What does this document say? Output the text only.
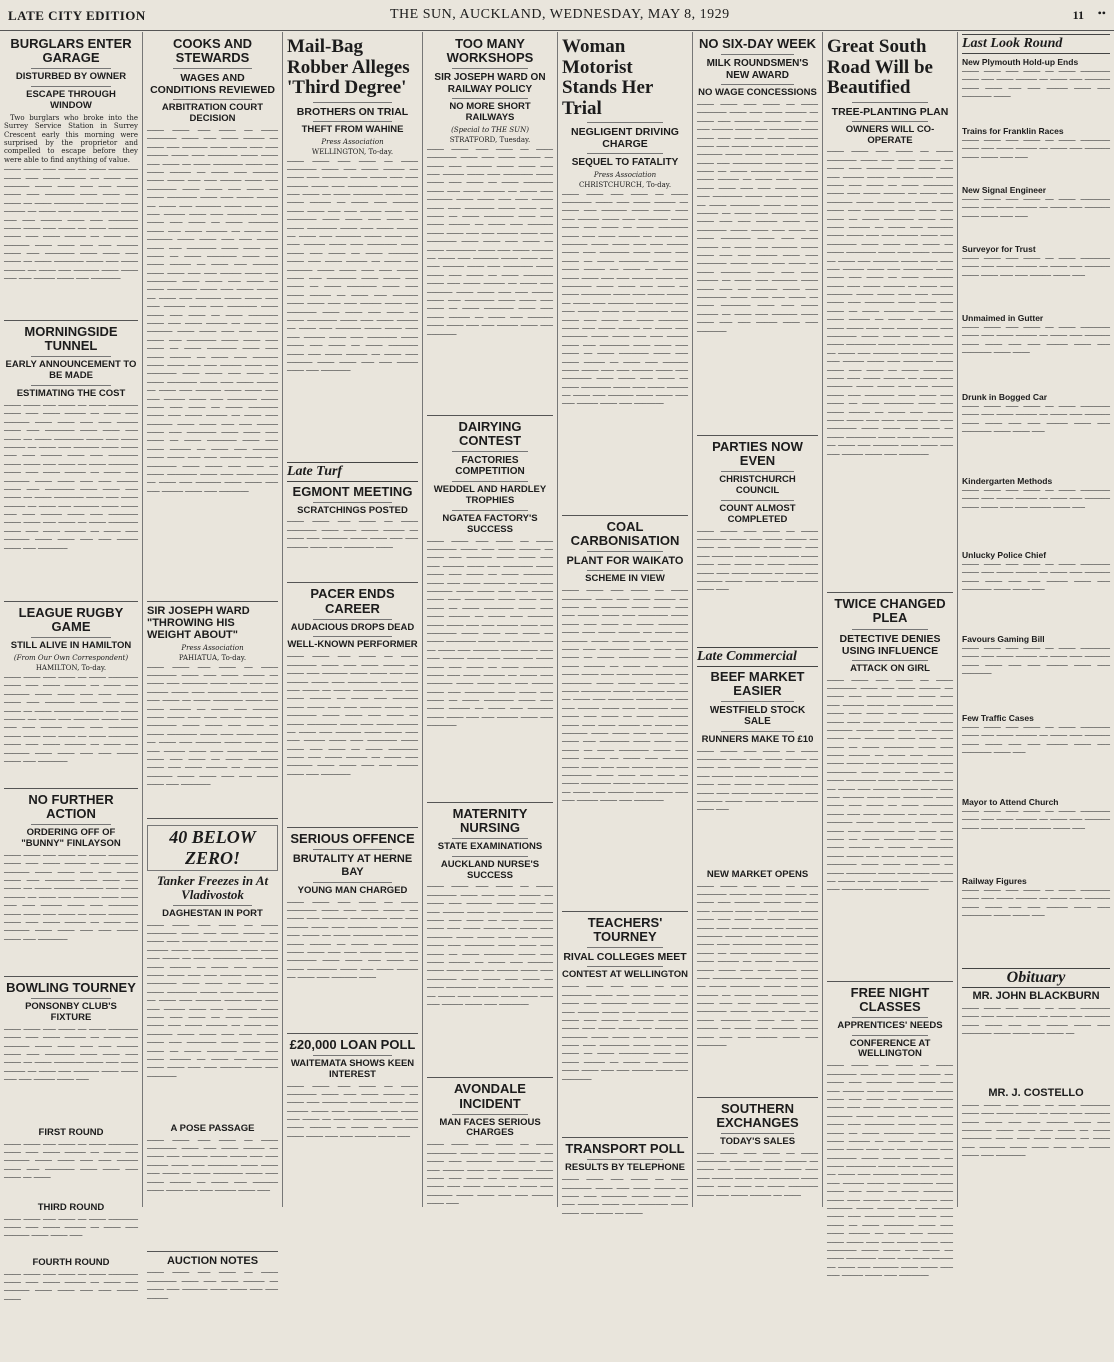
LATE CITY EDITION	THE SUN, AUCKLAND, WEDNESDAY, MAY 8, 1929	11 ••
BURGLARS ENTER GARAGE
DISTURBED BY OWNER
ESCAPE THROUGH WINDOW
Two burglars who broke into the Surrey Service Station in Surrey Crescent early this morning were surprised by the proprietor and compelled to escape before they were able to find anything of value.
──── ──── ─── ──── ── ──── ─────── ──── ─── ──── ───── ── ──── ─── ────── ──── ──── ─── ─── ───── ──── ─── ─────── ──── ──── ─── ──── ── ──── ─────── ──── ─── ──── ───── ── ──── ─── ────── ──── ──── ─── ─── ───── ──── ─── ─────── ──── ──── ─── ──── ── ──── ─────── ──── ─── ──── ───── ── ──── ─── ────── ──── ──── ─── ─── ───── ──── ─── ─────── ──── ──── ─── ──── ── ──── ─────── ──── ─── ──── ───── ── ──── ─── ────── ──── ──── ─── ─── ───── ──── ─── ───────
MORNINGSIDE TUNNEL
EARLY ANNOUNCEMENT TO BE MADE
ESTIMATING THE COST
──── ──── ─── ──── ── ──── ─────── ──── ─── ──── ───── ── ──── ─── ────── ──── ──── ─── ─── ───── ──── ─── ─────── ──── ──── ─── ──── ── ──── ─────── ──── ─── ──── ───── ── ──── ─── ────── ──── ──── ─── ─── ───── ──── ─── ─────── ──── ──── ─── ──── ── ──── ─────── ──── ─── ──── ───── ── ──── ─── ────── ──── ──── ─── ─── ───── ──── ─── ─────── ──── ──── ─── ──── ── ──── ─────── ──── ─── ──── ───── ── ──── ─── ────── ──── ──── ─── ─── ───── ──── ─── ─────── ──── ──── ─── ──── ── ──── ─────── ──── ─── ──── ───── ── ──── ─── ────── ──── ──── ─── ─── ───── ──── ─── ───────
LEAGUE RUGBY GAME
STILL ALIVE IN HAMILTON
(From Our Own Correspondent)
HAMILTON, To-day.
──── ──── ─── ──── ── ──── ─────── ──── ─── ──── ───── ── ──── ─── ────── ──── ──── ─── ─── ───── ──── ─── ─────── ──── ──── ─── ──── ── ──── ─────── ──── ─── ──── ───── ── ──── ─── ────── ──── ──── ─── ─── ───── ──── ─── ─────── ──── ──── ─── ──── ── ──── ─────── ──── ─── ──── ───── ── ──── ─── ────── ──── ──── ─── ─── ───── ──── ─── ───────
NO FURTHER ACTION
ORDERING OFF OF "BUNNY" FINLAYSON
──── ──── ─── ──── ── ──── ─────── ──── ─── ──── ───── ── ──── ─── ────── ──── ──── ─── ─── ───── ──── ─── ─────── ──── ──── ─── ──── ── ──── ─────── ──── ─── ──── ───── ── ──── ─── ────── ──── ──── ─── ─── ───── ──── ─── ─────── ──── ──── ─── ──── ── ──── ─────── ──── ─── ──── ───── ── ──── ─── ────── ──── ──── ─── ─── ───── ──── ─── ───────
BOWLING TOURNEY
PONSONBY CLUB'S FIXTURE
──── ──── ─── ──── ── ──── ─────── ──── ─── ──── ───── ── ──── ─── ────── ──── ──── ─── ─── ───── ──── ─── ─────── ──── ──── ─── ──── ── ──── ─────── ──── ─── ──── ───── ── ──── ─── ────── ──── ──── ─── ─── ───── ──── ───
FIRST ROUND
──── ──── ─── ──── ── ──── ─────── ──── ─── ──── ───── ── ──── ─── ────── ──── ──── ─── ─── ───── ──── ─── ─────── ──── ──── ─── ──── ── ────
THIRD ROUND
──── ──── ─── ──── ── ──── ─────── ──── ─── ──── ───── ── ──── ─── ────── ──── ──── ───
FOURTH ROUND
──── ──── ─── ──── ── ──── ─────── ──── ─── ──── ───── ── ──── ─── ────── ──── ──── ─── ─── ───── ────
COOKS AND STEWARDS
WAGES AND CONDITIONS REVIEWED
ARBITRATION COURT DECISION
──── ──── ─── ──── ── ──── ─────── ──── ─── ──── ───── ── ──── ─── ────── ──── ──── ─── ─── ───── ──── ─── ─────── ──── ──── ─── ──── ── ──── ─────── ──── ─── ──── ───── ── ──── ─── ────── ──── ──── ─── ─── ───── ──── ─── ─────── ──── ──── ─── ──── ── ──── ─────── ──── ─── ──── ───── ── ──── ─── ────── ──── ──── ─── ─── ───── ──── ─── ─────── ──── ──── ─── ──── ── ──── ─────── ──── ─── ──── ───── ── ──── ─── ────── ──── ──── ─── ─── ───── ──── ─── ─────── ──── ──── ─── ──── ── ──── ─────── ──── ─── ──── ───── ── ──── ─── ────── ──── ──── ─── ─── ───── ──── ─── ─────── ──── ──── ─── ──── ── ──── ─────── ──── ─── ──── ───── ── ──── ─── ────── ──── ──── ─── ─── ───── ──── ─── ─────── ──── ──── ─── ──── ── ──── ─────── ──── ─── ──── ───── ── ──── ─── ────── ──── ──── ─── ─── ───── ──── ─── ─────── ──── ──── ─── ──── ── ──── ─────── ──── ─── ──── ───── ── ──── ─── ────── ──── ──── ─── ─── ───── ──── ─── ─────── ──── ──── ─── ──── ── ──── ─────── ──── ─── ──── ───── ── ──── ─── ────── ──── ──── ─── ─── ───── ──── ─── ─────── ──── ──── ─── ──── ── ──── ─────── ──── ─── ──── ───── ── ──── ─── ────── ──── ──── ─── ─── ───── ──── ─── ─────── ──── ──── ─── ──── ── ──── ─────── ──── ─── ──── ───── ── ──── ─── ────── ──── ──── ─── ─── ───── ──── ─── ─────── ──── ──── ─── ──── ── ──── ─────── ──── ─── ──── ───── ── ──── ─── ────── ──── ──── ─── ─── ───── ──── ─── ───────
SIR JOSEPH WARD "THROWING HIS WEIGHT ABOUT"
Press Association
PAHIATUA, To-day.
──── ──── ─── ──── ── ──── ─────── ──── ─── ──── ───── ── ──── ─── ────── ──── ──── ─── ─── ───── ──── ─── ─────── ──── ──── ─── ──── ── ──── ─────── ──── ─── ──── ───── ── ──── ─── ────── ──── ──── ─── ─── ───── ──── ─── ─────── ──── ──── ─── ──── ── ──── ─────── ──── ─── ──── ───── ── ──── ─── ────── ──── ──── ─── ─── ───── ──── ─── ─────── ──── ──── ─── ──── ── ──── ─────── ──── ─── ──── ───── ── ──── ─── ────── ──── ──── ─── ─── ───── ──── ─── ───────
40 BELOW ZERO!
Tanker Freezes in At Vladivostok
DAGHESTAN IN PORT
──── ──── ─── ──── ── ──── ─────── ──── ─── ──── ───── ── ──── ─── ────── ──── ──── ─── ─── ───── ──── ─── ─────── ──── ──── ─── ──── ── ──── ─────── ──── ─── ──── ───── ── ──── ─── ────── ──── ──── ─── ─── ───── ──── ─── ─────── ──── ──── ─── ──── ── ──── ─────── ──── ─── ──── ───── ── ──── ─── ────── ──── ──── ─── ─── ───── ──── ─── ─────── ──── ──── ─── ──── ── ──── ─────── ──── ─── ──── ───── ── ──── ─── ────── ──── ──── ─── ─── ───── ──── ─── ─────── ──── ──── ─── ──── ── ──── ─────── ──── ─── ──── ───── ── ──── ─── ────── ──── ──── ─── ─── ───── ──── ─── ───────
A POSE PASSAGE
──── ──── ─── ──── ── ──── ─────── ──── ─── ──── ───── ── ──── ─── ────── ──── ──── ─── ─── ───── ──── ─── ─────── ──── ──── ─── ──── ── ──── ─────── ──── ─── ──── ───── ── ──── ─── ────── ──── ──── ─── ─── ───── ──── ───
AUCTION NOTES
──── ──── ─── ──── ── ──── ─────── ──── ─── ──── ───── ── ──── ─── ────── ──── ──── ─── ─── ─────
Mail-Bag Robber Alleges 'Third Degree'
BROTHERS ON TRIAL
THEFT FROM WAHINE
Press Association
WELLINGTON, To-day.
──── ──── ─── ──── ── ──── ─────── ──── ─── ──── ───── ── ──── ─── ────── ──── ──── ─── ─── ───── ──── ─── ─────── ──── ──── ─── ──── ── ──── ─────── ──── ─── ──── ───── ── ──── ─── ────── ──── ──── ─── ─── ───── ──── ─── ─────── ──── ──── ─── ──── ── ──── ─────── ──── ─── ──── ───── ── ──── ─── ────── ──── ──── ─── ─── ───── ──── ─── ─────── ──── ──── ─── ──── ── ──── ─────── ──── ─── ──── ───── ── ──── ─── ────── ──── ──── ─── ─── ───── ──── ─── ─────── ──── ──── ─── ──── ── ──── ─────── ──── ─── ──── ───── ── ──── ─── ────── ──── ──── ─── ─── ───── ──── ─── ─────── ──── ──── ─── ──── ── ──── ─────── ──── ─── ──── ───── ── ──── ─── ────── ──── ──── ─── ─── ───── ──── ─── ─────── ──── ──── ─── ──── ── ──── ─────── ──── ─── ──── ───── ── ──── ─── ────── ──── ──── ─── ─── ───── ──── ─── ───────
Late Turf
EGMONT MEETING
SCRATCHINGS POSTED
──── ──── ─── ──── ── ──── ─────── ──── ─── ──── ───── ── ──── ─── ────── ──── ──── ─── ─── ───── ──── ─── ─────── ────
PACER ENDS CAREER
AUDACIOUS DROPS DEAD
WELL-KNOWN PERFORMER
──── ──── ─── ──── ── ──── ─────── ──── ─── ──── ───── ── ──── ─── ────── ──── ──── ─── ─── ───── ──── ─── ─────── ──── ──── ─── ──── ── ──── ─────── ──── ─── ──── ───── ── ──── ─── ────── ──── ──── ─── ─── ───── ──── ─── ─────── ──── ──── ─── ──── ── ──── ─────── ──── ─── ──── ───── ── ──── ─── ────── ──── ──── ─── ─── ───── ──── ─── ─────── ──── ──── ─── ──── ── ──── ─────── ──── ─── ──── ───── ── ──── ─── ────── ──── ──── ─── ─── ───── ──── ─── ───────
SERIOUS OFFENCE
BRUTALITY AT HERNE BAY
YOUNG MAN CHARGED
──── ──── ─── ──── ── ──── ─────── ──── ─── ──── ───── ── ──── ─── ────── ──── ──── ─── ─── ───── ──── ─── ─────── ──── ──── ─── ──── ── ──── ─────── ──── ─── ──── ───── ── ──── ─── ────── ──── ──── ─── ─── ───── ──── ─── ─────── ──── ──── ─── ──── ── ──── ─────── ──── ─── ──── ───── ── ──── ─── ────── ────
£20,000 LOAN POLL
WAITEMATA SHOWS KEEN INTEREST
──── ──── ─── ──── ── ──── ─────── ──── ─── ──── ───── ── ──── ─── ────── ──── ──── ─── ─── ───── ──── ─── ─────── ──── ──── ─── ──── ── ──── ─────── ──── ─── ──── ───── ── ──── ─── ────── ──── ──── ─── ─── ───── ──── ───
TOO MANY WORKSHOPS
SIR JOSEPH WARD ON RAILWAY POLICY
NO MORE SHORT RAILWAYS
(Special to THE SUN)
STRATFORD, Tuesday.
──── ──── ─── ──── ── ──── ─────── ──── ─── ──── ───── ── ──── ─── ────── ──── ──── ─── ─── ───── ──── ─── ─────── ──── ──── ─── ──── ── ──── ─────── ──── ─── ──── ───── ── ──── ─── ────── ──── ──── ─── ─── ───── ──── ─── ─────── ──── ──── ─── ──── ── ──── ─────── ──── ─── ──── ───── ── ──── ─── ────── ──── ──── ─── ─── ───── ──── ─── ─────── ──── ──── ─── ──── ── ──── ─────── ──── ─── ──── ───── ── ──── ─── ────── ──── ──── ─── ─── ───── ──── ─── ─────── ──── ──── ─── ──── ── ──── ─────── ──── ─── ──── ───── ── ──── ─── ────── ──── ──── ─── ─── ───── ──── ─── ─────── ──── ──── ─── ──── ── ──── ─────── ──── ─── ──── ───── ── ──── ─── ────── ──── ──── ─── ─── ───── ──── ─── ───────
DAIRYING CONTEST
FACTORIES COMPETITION
WEDDEL AND HARDLEY TROPHIES
NGATEA FACTORY'S SUCCESS
──── ──── ─── ──── ── ──── ─────── ──── ─── ──── ───── ── ──── ─── ────── ──── ──── ─── ─── ───── ──── ─── ─────── ──── ──── ─── ──── ── ──── ─────── ──── ─── ──── ───── ── ──── ─── ────── ──── ──── ─── ─── ───── ──── ─── ─────── ──── ──── ─── ──── ── ──── ─────── ──── ─── ──── ───── ── ──── ─── ────── ──── ──── ─── ─── ───── ──── ─── ─────── ──── ──── ─── ──── ── ──── ─────── ──── ─── ──── ───── ── ──── ─── ────── ──── ──── ─── ─── ───── ──── ─── ─────── ──── ──── ─── ──── ── ──── ─────── ──── ─── ──── ───── ── ──── ─── ────── ──── ──── ─── ─── ───── ──── ─── ─────── ──── ──── ─── ──── ── ──── ─────── ──── ─── ──── ───── ── ──── ─── ────── ──── ──── ─── ─── ───── ──── ─── ───────
MATERNITY NURSING
STATE EXAMINATIONS
AUCKLAND NURSE'S SUCCESS
──── ──── ─── ──── ── ──── ─────── ──── ─── ──── ───── ── ──── ─── ────── ──── ──── ─── ─── ───── ──── ─── ─────── ──── ──── ─── ──── ── ──── ─────── ──── ─── ──── ───── ── ──── ─── ────── ──── ──── ─── ─── ───── ──── ─── ─────── ──── ──── ─── ──── ── ──── ─────── ──── ─── ──── ───── ── ──── ─── ────── ──── ──── ─── ─── ───── ──── ─── ─────── ──── ──── ─── ──── ── ──── ─────── ──── ─── ──── ───── ── ──── ─── ────── ──── ──── ─── ─── ───── ──── ─── ───────
AVONDALE INCIDENT
MAN FACES SERIOUS CHARGES
──── ──── ─── ──── ── ──── ─────── ──── ─── ──── ───── ── ──── ─── ────── ──── ──── ─── ─── ───── ──── ─── ─────── ──── ──── ─── ──── ── ──── ─────── ──── ─── ──── ───── ── ──── ─── ────── ──── ──── ─── ─── ───── ──── ───
Woman Motorist Stands Her Trial
NEGLIGENT DRIVING CHARGE
SEQUEL TO FATALITY
Press Association
CHRISTCHURCH, To-day.
──── ──── ─── ──── ── ──── ─────── ──── ─── ──── ───── ── ──── ─── ────── ──── ──── ─── ─── ───── ──── ─── ─────── ──── ──── ─── ──── ── ──── ─────── ──── ─── ──── ───── ── ──── ─── ────── ──── ──── ─── ─── ───── ──── ─── ─────── ──── ──── ─── ──── ── ──── ─────── ──── ─── ──── ───── ── ──── ─── ────── ──── ──── ─── ─── ───── ──── ─── ─────── ──── ──── ─── ──── ── ──── ─────── ──── ─── ──── ───── ── ──── ─── ────── ──── ──── ─── ─── ───── ──── ─── ─────── ──── ──── ─── ──── ── ──── ─────── ──── ─── ──── ───── ── ──── ─── ────── ──── ──── ─── ─── ───── ──── ─── ─────── ──── ──── ─── ──── ── ──── ─────── ──── ─── ──── ───── ── ──── ─── ────── ──── ──── ─── ─── ───── ──── ─── ─────── ──── ──── ─── ──── ── ──── ─────── ──── ─── ──── ───── ── ──── ─── ────── ──── ──── ─── ─── ───── ──── ─── ───────
COAL CARBONISATION
PLANT FOR WAIKATO
SCHEME IN VIEW
──── ──── ─── ──── ── ──── ─────── ──── ─── ──── ───── ── ──── ─── ────── ──── ──── ─── ─── ───── ──── ─── ─────── ──── ──── ─── ──── ── ──── ─────── ──── ─── ──── ───── ── ──── ─── ────── ──── ──── ─── ─── ───── ──── ─── ─────── ──── ──── ─── ──── ── ──── ─────── ──── ─── ──── ───── ── ──── ─── ────── ──── ──── ─── ─── ───── ──── ─── ─────── ──── ──── ─── ──── ── ──── ─────── ──── ─── ──── ───── ── ──── ─── ────── ──── ──── ─── ─── ───── ──── ─── ─────── ──── ──── ─── ──── ── ──── ─────── ──── ─── ──── ───── ── ──── ─── ────── ──── ──── ─── ─── ───── ──── ─── ─────── ──── ──── ─── ──── ── ──── ─────── ──── ─── ──── ───── ── ──── ─── ────── ──── ──── ─── ─── ───── ──── ─── ─────── ──── ──── ─── ──── ── ──── ─────── ──── ─── ──── ───── ── ──── ─── ────── ──── ──── ─── ─── ───── ──── ─── ───────
TEACHERS' TOURNEY
RIVAL COLLEGES MEET
CONTEST AT WELLINGTON
──── ──── ─── ──── ── ──── ─────── ──── ─── ──── ───── ── ──── ─── ────── ──── ──── ─── ─── ───── ──── ─── ─────── ──── ──── ─── ──── ── ──── ─────── ──── ─── ──── ───── ── ──── ─── ────── ──── ──── ─── ─── ───── ──── ─── ─────── ──── ──── ─── ──── ── ──── ─────── ──── ─── ──── ───── ── ──── ─── ────── ──── ──── ─── ─── ───── ──── ─── ───────
TRANSPORT POLL
RESULTS BY TELEPHONE
──── ──── ─── ──── ── ──── ─────── ──── ─── ──── ───── ── ──── ─── ────── ──── ──── ─── ─── ───── ──── ─── ─────── ──── ──── ─── ──── ── ────
NO SIX-DAY WEEK
MILK ROUNDSMEN'S NEW AWARD
NO WAGE CONCESSIONS
──── ──── ─── ──── ── ──── ─────── ──── ─── ──── ───── ── ──── ─── ────── ──── ──── ─── ─── ───── ──── ─── ─────── ──── ──── ─── ──── ── ──── ─────── ──── ─── ──── ───── ── ──── ─── ────── ──── ──── ─── ─── ───── ──── ─── ─────── ──── ──── ─── ──── ── ──── ─────── ──── ─── ──── ───── ── ──── ─── ────── ──── ──── ─── ─── ───── ──── ─── ─────── ──── ──── ─── ──── ── ──── ─────── ──── ─── ──── ───── ── ──── ─── ────── ──── ──── ─── ─── ───── ──── ─── ─────── ──── ──── ─── ──── ── ──── ─────── ──── ─── ──── ───── ── ──── ─── ────── ──── ──── ─── ─── ───── ──── ─── ─────── ──── ──── ─── ──── ── ──── ─────── ──── ─── ──── ───── ── ──── ─── ────── ──── ──── ─── ─── ───── ──── ─── ─────── ──── ──── ─── ──── ── ──── ─────── ──── ─── ──── ───── ── ──── ─── ────── ──── ──── ─── ─── ───── ──── ─── ───────
PARTIES NOW EVEN
CHRISTCHURCH COUNCIL
COUNT ALMOST COMPLETED
──── ──── ─── ──── ── ──── ─────── ──── ─── ──── ───── ── ──── ─── ────── ──── ──── ─── ─── ───── ──── ─── ─────── ──── ──── ─── ──── ── ──── ─────── ──── ─── ──── ───── ── ──── ─── ────── ──── ──── ─── ─── ───── ──── ───
Late Commercial
BEEF MARKET EASIER
WESTFIELD STOCK SALE
RUNNERS MAKE TO £10
──── ──── ─── ──── ── ──── ─────── ──── ─── ──── ───── ── ──── ─── ────── ──── ──── ─── ─── ───── ──── ─── ─────── ──── ──── ─── ──── ── ──── ─────── ──── ─── ──── ───── ── ──── ─── ────── ──── ──── ─── ─── ───── ──── ───
NEW MARKET OPENS
──── ──── ─── ──── ── ──── ─────── ──── ─── ──── ───── ── ──── ─── ────── ──── ──── ─── ─── ───── ──── ─── ─────── ──── ──── ─── ──── ── ──── ─────── ──── ─── ──── ───── ── ──── ─── ────── ──── ──── ─── ─── ───── ──── ─── ─────── ──── ──── ─── ──── ── ──── ─────── ──── ─── ──── ───── ── ──── ─── ────── ──── ──── ─── ─── ───── ──── ─── ─────── ──── ──── ─── ──── ── ──── ─────── ──── ─── ──── ───── ── ──── ─── ────── ──── ──── ─── ─── ───── ──── ─── ─────── ──── ──── ─── ──── ── ──── ─────── ──── ─── ──── ───── ── ──── ─── ────── ──── ──── ─── ─── ───── ──── ─── ───────
SOUTHERN EXCHANGES
TODAY'S SALES
──── ──── ─── ──── ── ──── ─────── ──── ─── ──── ───── ── ──── ─── ────── ──── ──── ─── ─── ───── ──── ─── ─────── ──── ──── ─── ──── ── ──── ─────── ──── ─── ──── ───── ── ────
Great South Road Will be Beautified
TREE-PLANTING PLAN
OWNERS WILL CO-OPERATE
──── ──── ─── ──── ── ──── ─────── ──── ─── ──── ───── ── ──── ─── ────── ──── ──── ─── ─── ───── ──── ─── ─────── ──── ──── ─── ──── ── ──── ─────── ──── ─── ──── ───── ── ──── ─── ────── ──── ──── ─── ─── ───── ──── ─── ─────── ──── ──── ─── ──── ── ──── ─────── ──── ─── ──── ───── ── ──── ─── ────── ──── ──── ─── ─── ───── ──── ─── ─────── ──── ──── ─── ──── ── ──── ─────── ──── ─── ──── ───── ── ──── ─── ────── ──── ──── ─── ─── ───── ──── ─── ─────── ──── ──── ─── ──── ── ──── ─────── ──── ─── ──── ───── ── ──── ─── ────── ──── ──── ─── ─── ───── ──── ─── ─────── ──── ──── ─── ──── ── ──── ─────── ──── ─── ──── ───── ── ──── ─── ────── ──── ──── ─── ─── ───── ──── ─── ─────── ──── ──── ─── ──── ── ──── ─────── ──── ─── ──── ───── ── ──── ─── ────── ──── ──── ─── ─── ───── ──── ─── ─────── ──── ──── ─── ──── ── ──── ─────── ──── ─── ──── ───── ── ──── ─── ────── ──── ──── ─── ─── ───── ──── ─── ─────── ──── ──── ─── ──── ── ──── ─────── ──── ─── ──── ───── ── ──── ─── ────── ──── ──── ─── ─── ───── ──── ─── ─────── ──── ──── ─── ──── ── ──── ─────── ──── ─── ──── ───── ── ──── ─── ────── ──── ──── ─── ─── ───── ──── ─── ───────
TWICE CHANGED PLEA
DETECTIVE DENIES USING INFLUENCE
ATTACK ON GIRL
──── ──── ─── ──── ── ──── ─────── ──── ─── ──── ───── ── ──── ─── ────── ──── ──── ─── ─── ───── ──── ─── ─────── ──── ──── ─── ──── ── ──── ─────── ──── ─── ──── ───── ── ──── ─── ────── ──── ──── ─── ─── ───── ──── ─── ─────── ──── ──── ─── ──── ── ──── ─────── ──── ─── ──── ───── ── ──── ─── ────── ──── ──── ─── ─── ───── ──── ─── ─────── ──── ──── ─── ──── ── ──── ─────── ──── ─── ──── ───── ── ──── ─── ────── ──── ──── ─── ─── ───── ──── ─── ─────── ──── ──── ─── ──── ── ──── ─────── ──── ─── ──── ───── ── ──── ─── ────── ──── ──── ─── ─── ───── ──── ─── ─────── ──── ──── ─── ──── ── ──── ─────── ──── ─── ──── ───── ── ──── ─── ────── ──── ──── ─── ─── ───── ──── ─── ─────── ──── ──── ─── ──── ── ──── ─────── ──── ─── ──── ───── ── ──── ─── ────── ──── ──── ─── ─── ───── ──── ─── ───────
FREE NIGHT CLASSES
APPRENTICES' NEEDS
CONFERENCE AT WELLINGTON
──── ──── ─── ──── ── ──── ─────── ──── ─── ──── ───── ── ──── ─── ────── ──── ──── ─── ─── ───── ──── ─── ─────── ──── ──── ─── ──── ── ──── ─────── ──── ─── ──── ───── ── ──── ─── ────── ──── ──── ─── ─── ───── ──── ─── ─────── ──── ──── ─── ──── ── ──── ─────── ──── ─── ──── ───── ── ──── ─── ────── ──── ──── ─── ─── ───── ──── ─── ─────── ──── ──── ─── ──── ── ──── ─────── ──── ─── ──── ───── ── ──── ─── ────── ──── ──── ─── ─── ───── ──── ─── ─────── ──── ──── ─── ──── ── ──── ─────── ──── ─── ──── ───── ── ──── ─── ────── ──── ──── ─── ─── ───── ──── ─── ─────── ──── ──── ─── ──── ── ──── ─────── ──── ─── ──── ───── ── ──── ─── ────── ──── ──── ─── ─── ───── ──── ─── ─────── ──── ──── ─── ──── ── ──── ─────── ──── ─── ──── ───── ── ──── ─── ────── ──── ──── ─── ─── ───── ──── ─── ───────
Last Look Round
New Plymouth Hold-up Ends
──── ──── ─── ──── ── ──── ─────── ──── ─── ──── ───── ── ──── ─── ────── ──── ──── ─── ─── ───── ──── ─── ─────── ────
Trains for Franklin Races
──── ──── ─── ──── ── ──── ─────── ──── ─── ──── ───── ── ──── ─── ────── ──── ──── ─── ───
New Signal Engineer
──── ──── ─── ──── ── ──── ─────── ──── ─── ──── ───── ── ──── ─── ────── ──── ──── ─── ───
Surveyor for Trust
──── ──── ─── ──── ── ──── ─────── ──── ─── ──── ───── ── ──── ─── ────── ──── ──── ─── ─── ───── ──── ───
Unmaimed in Gutter
──── ──── ─── ──── ── ──── ─────── ──── ─── ──── ───── ── ──── ─── ────── ──── ──── ─── ─── ───── ──── ─── ─────── ──── ────
Drunk in Bogged Car
──── ──── ─── ──── ── ──── ─────── ──── ─── ──── ───── ── ──── ─── ────── ──── ──── ─── ─── ───── ──── ─── ─────── ──── ──── ───
Kindergarten Methods
──── ──── ─── ──── ── ──── ─────── ──── ─── ──── ───── ── ──── ─── ────── ──── ──── ─── ─── ───── ──── ───
Unlucky Police Chief
──── ──── ─── ──── ── ──── ─────── ──── ─── ──── ───── ── ──── ─── ────── ──── ──── ─── ─── ───── ──── ─── ─────── ──── ──── ───
Favours Gaming Bill
──── ──── ─── ──── ── ──── ─────── ──── ─── ──── ───── ── ──── ─── ────── ──── ──── ─── ─── ───── ──── ─── ───────
Few Traffic Cases
──── ──── ─── ──── ── ──── ─────── ──── ─── ──── ───── ── ──── ─── ────── ──── ──── ─── ─── ───── ──── ─── ─────── ──── ───
Mayor to Attend Church
──── ──── ─── ──── ── ──── ─────── ──── ─── ──── ───── ── ──── ─── ────── ──── ──── ─── ─── ───── ──── ───
Railway Figures
──── ──── ─── ──── ── ──── ─────── ──── ─── ──── ───── ── ──── ─── ────── ──── ──── ─── ─── ───── ──── ─── ─────── ──── ──── ───
Obituary
MR. JOHN BLACKBURN
──── ──── ─── ──── ── ──── ─────── ──── ─── ──── ───── ── ──── ─── ────── ──── ──── ─── ─── ───── ──── ─── ─────── ──── ──── ─── ──── ──
MR. J. COSTELLO
──── ──── ─── ──── ── ──── ─────── ──── ─── ──── ───── ── ──── ─── ────── ──── ──── ─── ─── ───── ──── ─── ─────── ──── ──── ─── ──── ── ──── ─────── ──── ─── ──── ───── ── ──── ─── ────── ──── ──── ─── ─── ───── ──── ─── ───────
